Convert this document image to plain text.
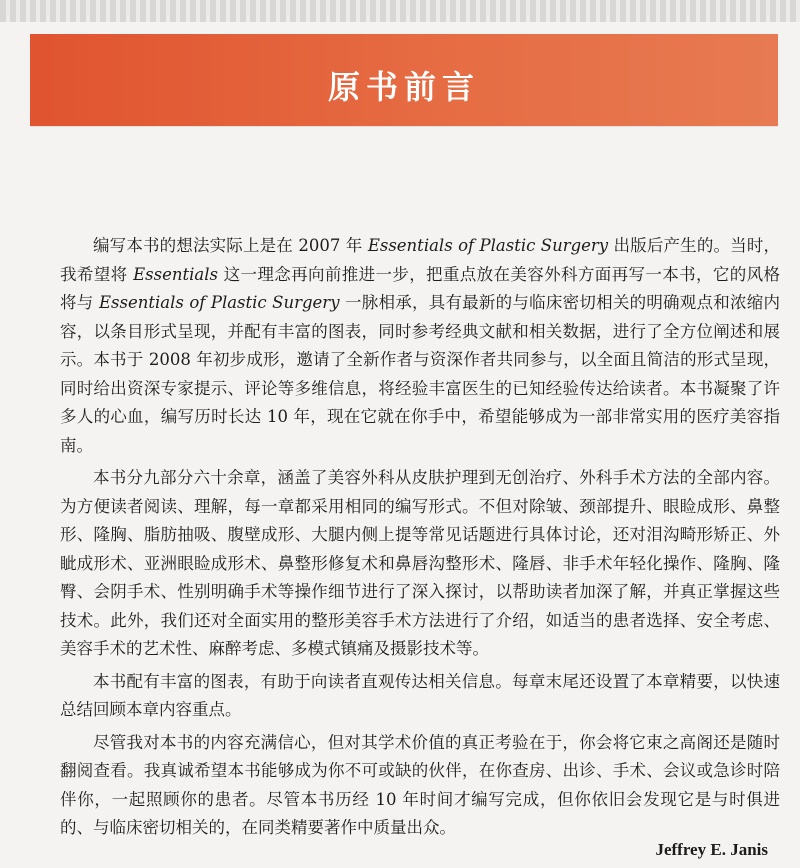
原书前言

编写本书的想法实际上是在 2007 年 Essentials of Plastic Surgery 出版后产生的。当时，我希望将 Essentials 这一理念再向前推进一步，把重点放在美容外科方面再写一本书，它的风格将与 Essentials of Plastic Surgery 一脉相承，具有最新的与临床密切相关的明确观点和浓缩内容，以条目形式呈现，并配有丰富的图表，同时参考经典文献和相关数据，进行了全方位阐述和展示。本书于 2008 年初步成形，邀请了全新作者与资深作者共同参与，以全面且简洁的形式呈现，同时给出资深专家提示、评论等多维信息，将经验丰富医生的已知经验传达给读者。本书凝聚了许多人的心血，编写历时长达 10 年，现在它就在你手中，希望能够成为一部非常实用的医疗美容指南。

本书分九部分六十余章，涵盖了美容外科从皮肤护理到无创治疗、外科手术方法的全部内容。为方便读者阅读、理解，每一章都采用相同的编写形式。不但对除皱、颈部提升、眼睑成形、鼻整形、隆胸、脂肪抽吸、腹壁成形、大腿内侧上提等常见话题进行具体讨论，还对泪沟畸形矫正、外眦成形术、亚洲眼睑成形术、鼻整形修复术和鼻唇沟整形术、隆唇、非手术年轻化操作、隆胸、隆臀、会阴手术、性别明确手术等操作细节进行了深入探讨，以帮助读者加深了解，并真正掌握这些技术。此外，我们还对全面实用的整形美容手术方法进行了介绍，如适当的患者选择、安全考虑、美容手术的艺术性、麻醉考虑、多模式镇痛及摄影技术等。

本书配有丰富的图表，有助于向读者直观传达相关信息。每章末尾还设置了本章精要，以快速总结回顾本章内容重点。

尽管我对本书的内容充满信心，但对其学术价值的真正考验在于，你会将它束之高阁还是随时翻阅查看。我真诚希望本书能够成为你不可或缺的伙伴，在你查房、出诊、手术、会议或急诊时陪伴你，一起照顾你的患者。尽管本书历经 10 年时间才编写完成，但你依旧会发现它是与时俱进的、与临床密切相关的，在同类精要著作中质量出众。

Jeffrey E. Janis
